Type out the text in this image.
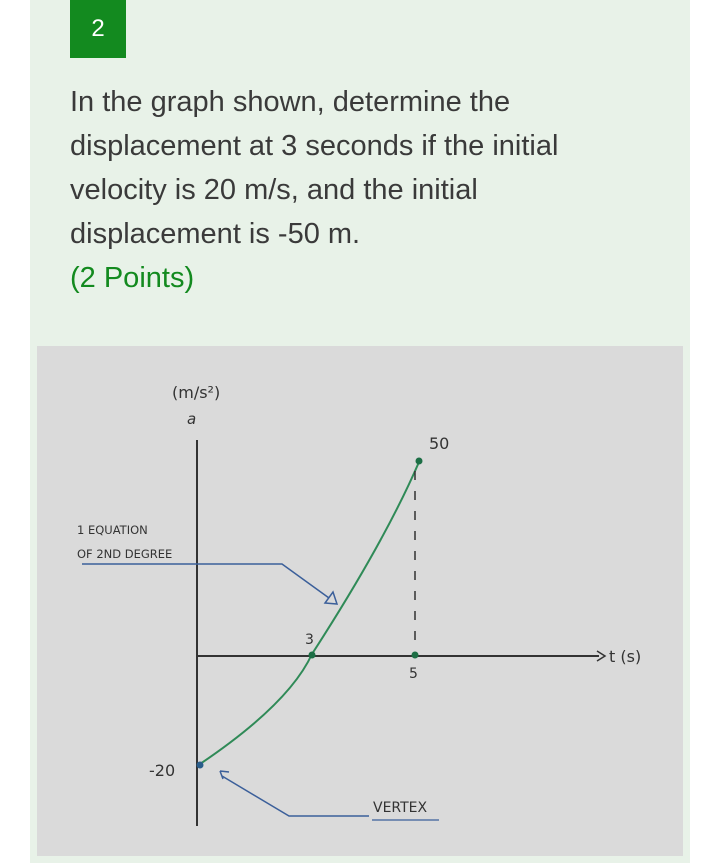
2

In the graph shown, determine the displacement at 3 seconds if the initial velocity is 20 m/s, and the initial displacement is -50 m.

(2 Points)
(m/s²)
a
50
3
5
-20
t (s)
1 EQUATION
OF 2ND DEGREE
VERTEX
